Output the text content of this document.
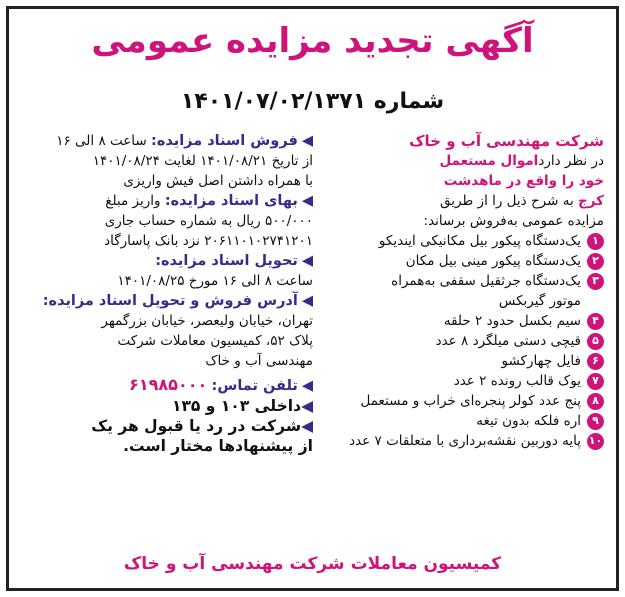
آگهی تجدید مزایده عمومی
شماره ۱۴۰۱/۰۷/۰۲/۱۳۷۱
شرکت مهندسی آب و خاک
در نظر دارداموال مستعمل
خود را واقع در ماهدشت
کرج به شرح ذیل را از طریق
مزایده عمومی به‌فروش برساند:
۱
یک‌دستگاه پیکور بیل مکانیکی ایندیکو
۲
یک‌دستگاه پیکور مینی بیل مکان
۳
یک‌دستگاه جرثقیل سقفی به‌همراه
موتور گیربکس
۴
سیم بکسل حدود ۲ حلقه
۵
قیچی دستی میلگرد ۸ عدد
۶
فایل چهارکشو
۷
یوک قالب رونده ۲ عدد
۸
پنج عدد کولر پنجره‌ای خراب و مستعمل
۹
اره فلکه بدون تیغه
۱۰
پایه دوربین نقشه‌برداری با متعلقات ۷ عدد
◀فروش اسناد مزایده: ساعت ۸ الی ۱۶
از تاریخ ۱۴۰۱/۰۸/۲۱ لغایت ۱۴۰۱/۰۸/۲۴
با همراه داشتن اصل فیش واریزی
◀بهای اسناد مزایده: واریز مبلغ
۵۰۰/۰۰۰ ریال به شماره حساب جاری
۲۰۶۱۱۰۱۰۲۷۴۱۲۰۱ نزد بانک پاسارگاد
◀تحویل اسناد مزایده:
ساعت ۸ الی ۱۶ مورخ ۱۴۰۱/۰۸/۲۵
◀آدرس فروش و تحویل اسناد مزایده:
تهران، خیابان ولیعصر، خیابان بزرگمهر
پلاک ۵۲، کمیسیون معاملات شرکت
مهندسی آب و خاک
◀تلفن تماس: ۶۱۹۸۵۰۰۰
◀داخلی ۱۰۳ و ۱۳۵
◀شرکت در رد یا قبول هر یک
از پیشنهادها مختار است.
کمیسیون معاملات شرکت مهندسی آب و خاک
